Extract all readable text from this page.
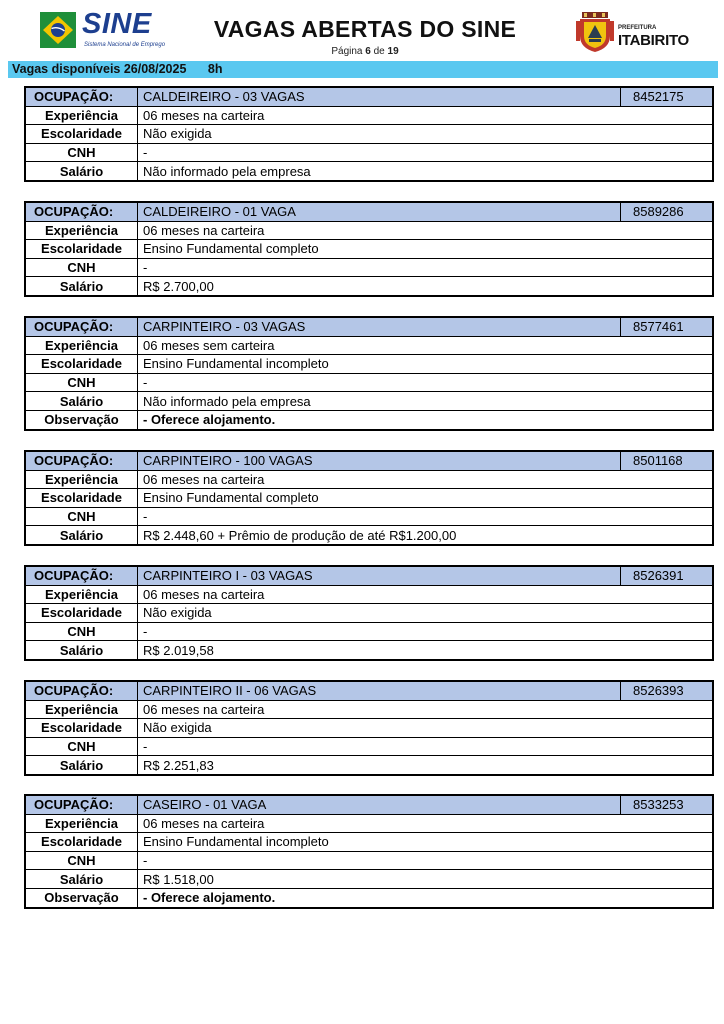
SINE
Sistema Nacional de Emprego
VAGAS ABERTAS DO SINE
Página 6 de 19
PREFEITURA
ITABIRITO
Vagas disponíveis 26/08/2025 8h
OCUPAÇÃO:	CALDEIREIRO - 03 VAGAS	8452175
Experiência	06 meses na carteira	
Escolaridade	Não exigida	
CNH	-	
Salário	Não informado pela empresa	
OCUPAÇÃO:	CALDEIREIRO - 01 VAGA	8589286
Experiência	06 meses na carteira	
Escolaridade	Ensino Fundamental completo	
CNH	-	
Salário	R$ 2.700,00	
OCUPAÇÃO:	CARPINTEIRO - 03 VAGAS	8577461
Experiência	06 meses sem carteira	
Escolaridade	Ensino Fundamental incompleto	
CNH	-	
Salário	Não informado pela empresa	
Observação	- Oferece alojamento.	
OCUPAÇÃO:	CARPINTEIRO - 100 VAGAS	8501168
Experiência	06 meses na carteira	
Escolaridade	Ensino Fundamental completo	
CNH	-	
Salário	R$ 2.448,60 + Prêmio de produção de até R$1.200,00	
OCUPAÇÃO:	CARPINTEIRO I - 03 VAGAS	8526391
Experiência	06 meses na carteira	
Escolaridade	Não exigida	
CNH	-	
Salário	R$ 2.019,58	
OCUPAÇÃO:	CARPINTEIRO II - 06 VAGAS	8526393
Experiência	06 meses na carteira	
Escolaridade	Não exigida	
CNH	-	
Salário	R$ 2.251,83	
OCUPAÇÃO:	CASEIRO - 01 VAGA	8533253
Experiência	06 meses na carteira	
Escolaridade	Ensino Fundamental incompleto	
CNH	-	
Salário	R$ 1.518,00	
Observação	- Oferece alojamento.	
